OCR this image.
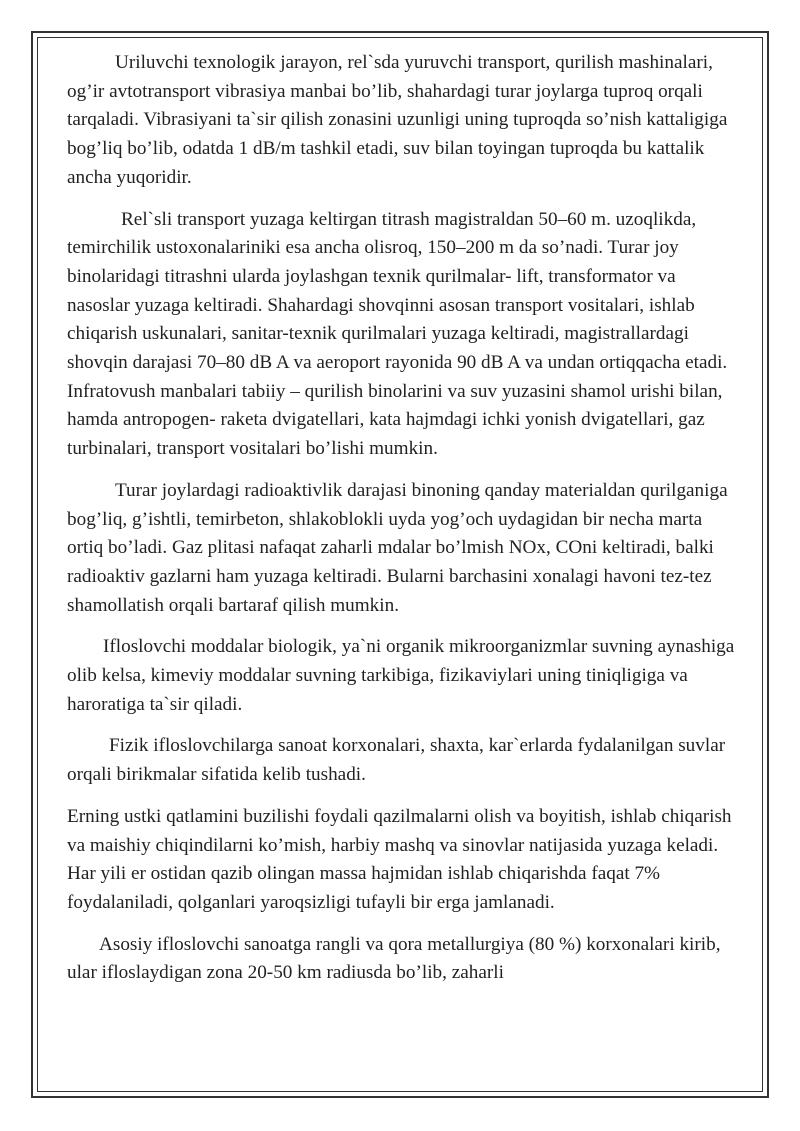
Uriluvchi texnologik jarayon, rel`sda yuruvchi transport, qurilish mashinalari, og’ir avtotransport vibrasiya manbai bo’lib, shahardagi turar joylarga tuproq orqali tarqaladi. Vibrasiyani ta`sir qilish zonasini uzunligi uning tuproqda so’nish kattaligiga bog’liq bo’lib, odatda 1 dB/m tashkil etadi, suv bilan toyingan tuproqda bu kattalik ancha yuqoridir.

Rel`sli transport yuzaga keltirgan titrash magistraldan 50–60 m. uzoqlikda, temirchilik ustoxonalariniki esa ancha olisroq, 150–200 m da so’nadi. Turar joy binolaridagi titrashni ularda joylashgan texnik qurilmalar- lift, transformator va nasoslar yuzaga keltiradi. Shahardagi shovqinni asosan transport vositalari, ishlab chiqarish uskunalari, sanitar-texnik qurilmalari yuzaga keltiradi, magistrallardagi shovqin darajasi 70–80 dB A va aeroport rayonida 90 dB A va undan ortiqqacha etadi. Infratovush manbalari tabiiy – qurilish binolarini va suv yuzasini shamol urishi bilan, hamda antropogen- raketa dvigatellari, kata hajmdagi ichki yonish dvigatellari, gaz turbinalari, transport vositalari bo’lishi mumkin.

Turar joylardagi radioaktivlik darajasi binoning qanday materialdan qurilganiga bog’liq, g’ishtli, temirbeton, shlakoblokli uyda yog’och uydagidan bir necha marta ortiq bo’ladi. Gaz plitasi nafaqat zaharli mdalar bo’lmish NOx, COni keltiradi, balki radioaktiv gazlarni ham yuzaga keltiradi. Bularni barchasini xonalagi havoni tez-tez shamollatish orqali bartaraf qilish mumkin.

Ifloslovchi moddalar biologik, ya`ni organik mikroorganizmlar suvning aynashiga olib kelsa, kimeviy moddalar suvning tarkibiga, fizikaviylari uning tiniqligiga va haroratiga ta`sir qiladi.

Fizik ifloslovchilarga sanoat korxonalari, shaxta, kar`erlarda fydalanilgan suvlar orqali birikmalar sifatida kelib tushadi.

Erning ustki qatlamini buzilishi foydali qazilmalarni olish va boyitish, ishlab chiqarish va maishiy chiqindilarni ko’mish, harbiy mashq va sinovlar natijasida yuzaga keladi. Har yili er ostidan qazib olingan massa hajmidan ishlab chiqarishda faqat 7% foydalaniladi, qolganlari yaroqsizligi tufayli bir erga jamlanadi.

Asosiy ifloslovchi sanoatga rangli va qora metallurgiya (80 %) korxonalari kirib, ular ifloslaydigan zona 20-50 km radiusda bo’lib, zaharli
